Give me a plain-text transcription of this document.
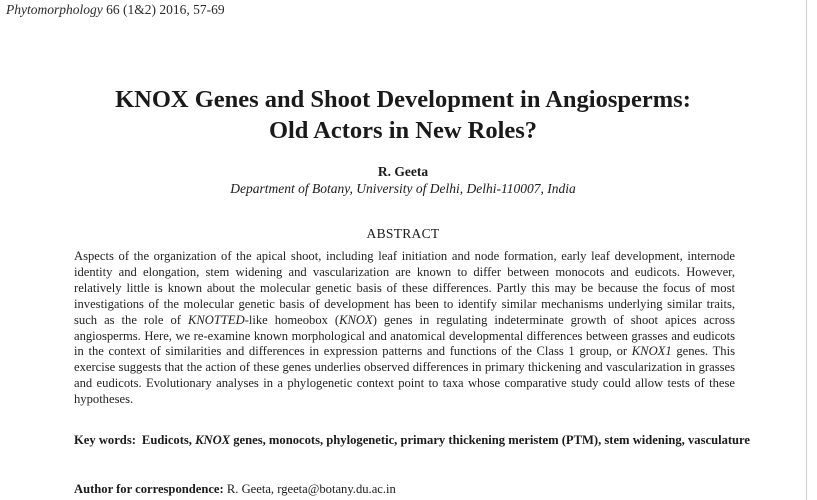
Phytomorphology 66 (1&2) 2016, 57-69
KNOX Genes and Shoot Development in Angiosperms:
Old Actors in New Roles?
R. Geeta
Department of Botany, University of Delhi, Delhi-110007, India
ABSTRACT
Aspects of the organization of the apical shoot, including leaf initiation and node formation, early leaf development, internode identity and elongation, stem widening and vascularization are known to differ between monocots and eudicots. However, relatively little is known about the molecular genetic basis of these differences. Partly this may be because the focus of most investigations of the molecular genetic basis of development has been to identify similar mechanisms underlying similar traits, such as the role of KNOTTED-like homeobox (KNOX) genes in regulating indeterminate growth of shoot apices across angiosperms. Here, we re-examine known morphological and anatomical developmental differences between grasses and eudicots in the context of similarities and differences in expression patterns and functions of the Class 1 group, or KNOX1 genes. This exercise suggests that the action of these genes underlies observed differences in primary thickening and vascularization in grasses and eudicots. Evolutionary analyses in a phylogenetic context point to taxa whose comparative study could allow tests of these hypotheses.
Key words: Eudicots, KNOX genes, monocots, phylogenetic, primary thickening meristem (PTM), stem widening, vasculature
Author for correspondence: R. Geeta, rgeeta@botany.du.ac.in
